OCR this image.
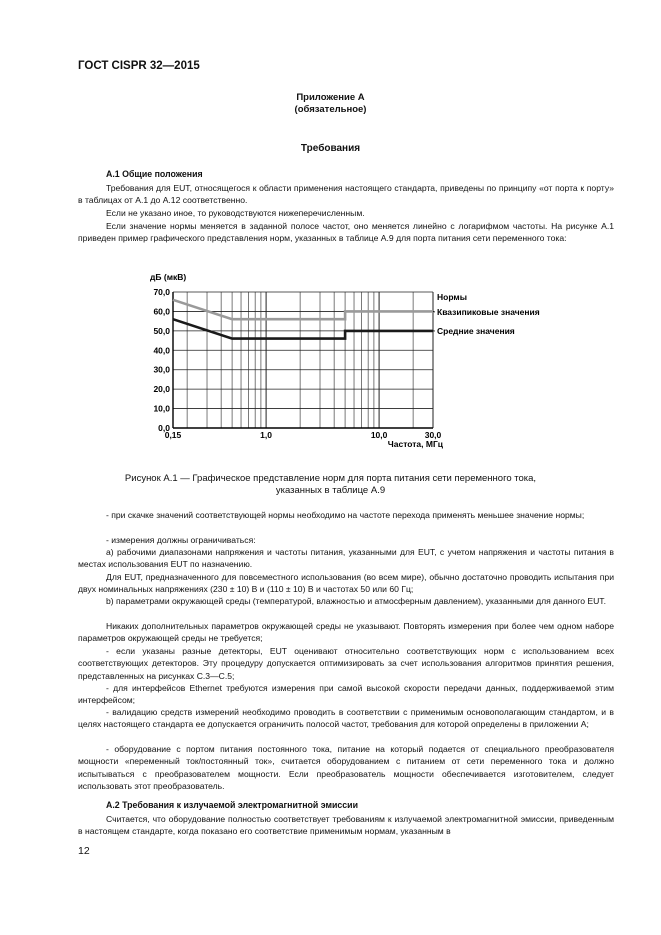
ГОСТ CISPR 32—2015
Приложение А
(обязательное)
Требования
А.1 Общие положения
Требования для EUT, относящегося к области применения настоящего стандарта, приведены по принципу «от порта к порту» в таблицах от А.1 до А.12 соответственно.
Если не указано иное, то руководствуются нижеперечисленным.
Если значение нормы меняется в заданной полосе частот, оно меняется линейно с логарифмом частоты. На рисунке А.1 приведен пример графического представления норм, указанных в таблице А.9 для порта питания сети переменного тока:
дБ (мкВ)
Частота, МГц
Нормы
Квазипиковые значения
Средние значения
0,0
10,0
20,0
30,0
40,0
50,0
60,0
70,0
0,15	1,0	10,0	30,0
Рисунок А.1 — Графическое представление норм для порта питания сети переменного тока,
указанных в таблице А.9
- при скачке значений соответствующей нормы необходимо на частоте перехода применять меньшее значение нормы;
- измерения должны ограничиваться:
а) рабочими диапазонами напряжения и частоты питания, указанными для EUT, с учетом напряжения и частоты питания в местах использования EUT по назначению.
Для EUT, предназначенного для повсеместного использования (во всем мире), обычно достаточно проводить испытания при двух номинальных напряжениях (230 ± 10) В и (110 ± 10) В и частотах 50 или 60 Гц;
b) параметрами окружающей среды (температурой, влажностью и атмосферным давлением), указанными для данного EUT.
Никаких дополнительных параметров окружающей среды не указывают. Повторять измерения при более чем одном наборе параметров окружающей среды не требуется;
- если указаны разные детекторы, EUT оценивают относительно соответствующих норм с использованием всех соответствующих детекторов. Эту процедуру допускается оптимизировать за счет использования алгоритмов принятия решения, представленных на рисунках С.3—С.5;
- для интерфейсов Ethernet требуются измерения при самой высокой скорости передачи данных, поддерживаемой этим интерфейсом;
- валидацию средств измерений необходимо проводить в соответствии с применимым основополагающим стандартом, и в целях настоящего стандарта ее допускается ограничить полосой частот, требования для которой определены в приложении А;
- оборудование с портом питания постоянного тока, питание на который подается от специального преобразователя мощности «переменный ток/постоянный ток», считается оборудованием с питанием от сети переменного тока и должно испытываться с преобразователем мощности. Если преобразователь мощности обеспечивается изготовителем, следует использовать этот преобразователь.
А.2 Требования к излучаемой электромагнитной эмиссии
Считается, что оборудование полностью соответствует требованиям к излучаемой электромагнитной эмиссии, приведенным в настоящем стандарте, когда показано его соответствие применимым нормам, указанным в
12
